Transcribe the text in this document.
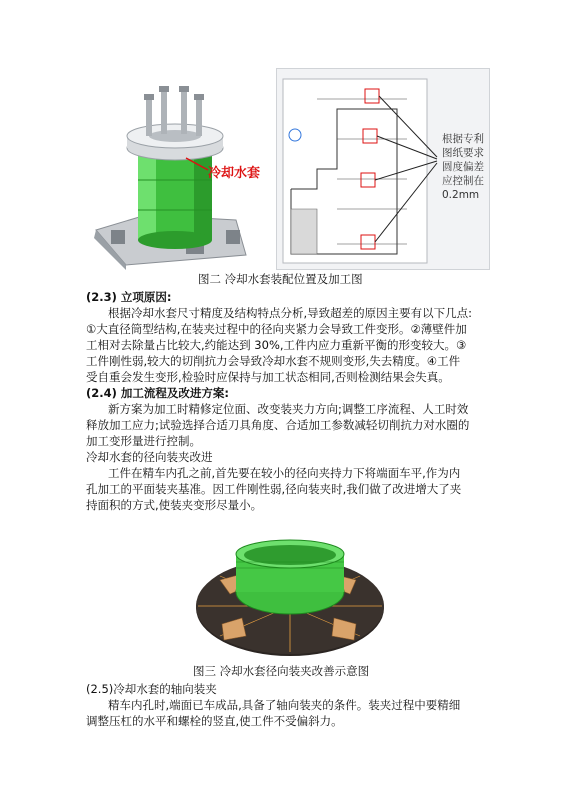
冷却水套
根据专利
图纸要求
圆度偏差
应控制在
0.2mm
图二 冷却水套装配位置及加工图
(2.3) 立项原因:
根据冷却水套尺寸精度及结构特点分析,导致超差的原因主要有以下几点:
①大直径筒型结构,在装夹过程中的径向夹紧力会导致工件变形。②薄壁件加
工相对去除量占比较大,约能达到 30%,工件内应力重新平衡的形变较大。③
工件刚性弱,较大的切削抗力会导致冷却水套不规则变形,失去精度。④工件
受自重会发生变形,检验时应保持与加工状态相同,否则检测结果会失真。
(2.4) 加工流程及改进方案:
新方案为加工时精修定位面、改变装夹力方向;调整工序流程、人工时效
释放加工应力;试验选择合适刀具角度、合适加工参数减轻切削抗力对水圈的
加工变形量进行控制。
冷却水套的径向装夹改进
工件在精车内孔之前,首先要在较小的径向夹持力下将端面车平,作为内
孔加工的平面装夹基准。因工件刚性弱,径向装夹时,我们做了改进增大了夹
持面积的方式,使装夹变形尽量小。
图三 冷却水套径向装夹改善示意图
(2.5)冷却水套的轴向装夹
精车内孔时,端面已车成品,具备了轴向装夹的条件。装夹过程中要精细
调整压杠的水平和螺栓的竖直,使工件不受偏斜力。
